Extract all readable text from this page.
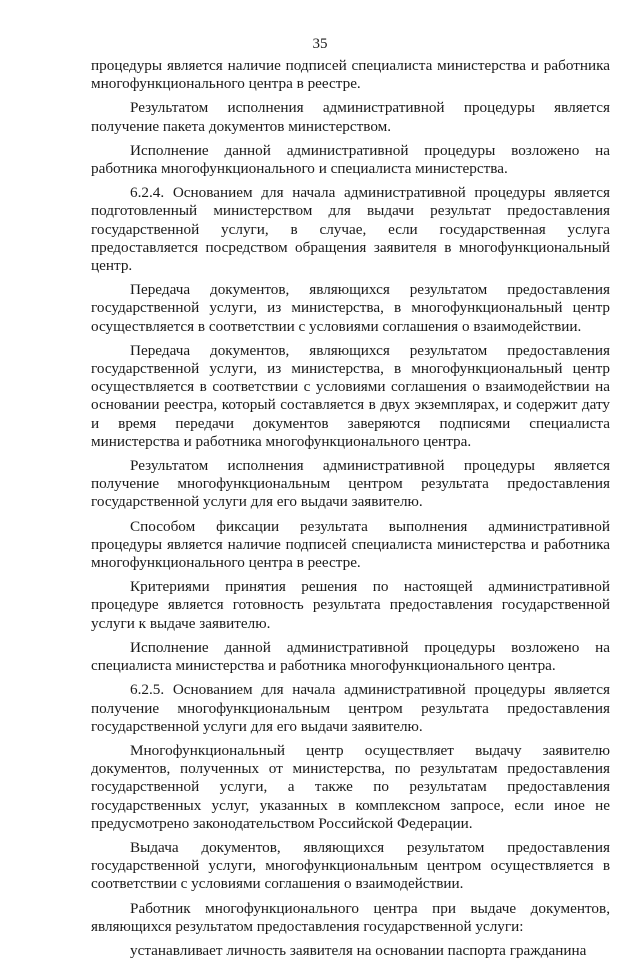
35

процедуры является наличие подписей специалиста министерства и работника многофункционального центра в реестре.

Результатом исполнения административной процедуры является получение пакета документов министерством.

Исполнение данной административной процедуры возложено на работника многофункционального и специалиста министерства.

6.2.4. Основанием для начала административной процедуры является подготовленный министерством для выдачи результат предоставления государственной услуги, в случае, если государственная услуга предоставляется посредством обращения заявителя в многофункциональный центр.

Передача документов, являющихся результатом предоставления государственной услуги, из министерства, в многофункциональный центр осуществляется в соответствии с условиями соглашения о взаимодействии.

Передача документов, являющихся результатом предоставления государственной услуги, из министерства, в многофункциональный центр осуществляется в соответствии с условиями соглашения о взаимодействии на основании реестра, который составляется в двух экземплярах, и содержит дату и время передачи документов заверяются подписями специалиста министерства и работника многофункционального центра.

Результатом исполнения административной процедуры является получение многофункциональным центром результата предоставления государственной услуги для его выдачи заявителю.

Способом фиксации результата выполнения административной процедуры является наличие подписей специалиста министерства и работника многофункционального центра в реестре.

Критериями принятия решения по настоящей административной процедуре является готовность результата предоставления государственной услуги к выдаче заявителю.

Исполнение данной административной процедуры возложено на специалиста министерства и работника многофункционального центра.

6.2.5. Основанием для начала административной процедуры является получение многофункциональным центром результата предоставления государственной услуги для его выдачи заявителю.

Многофункциональный центр осуществляет выдачу заявителю документов, полученных от министерства, по результатам предоставления государственной услуги, а также по результатам предоставления государственных услуг, указанных в комплексном запросе, если иное не предусмотрено законодательством Российской Федерации.

Выдача документов, являющихся результатом предоставления государственной услуги, многофункциональным центром осуществляется в соответствии с условиями соглашения о взаимодействии.

Работник многофункционального центра при выдаче документов, являющихся результатом предоставления государственной услуги:

устанавливает личность заявителя на основании паспорта гражданина
